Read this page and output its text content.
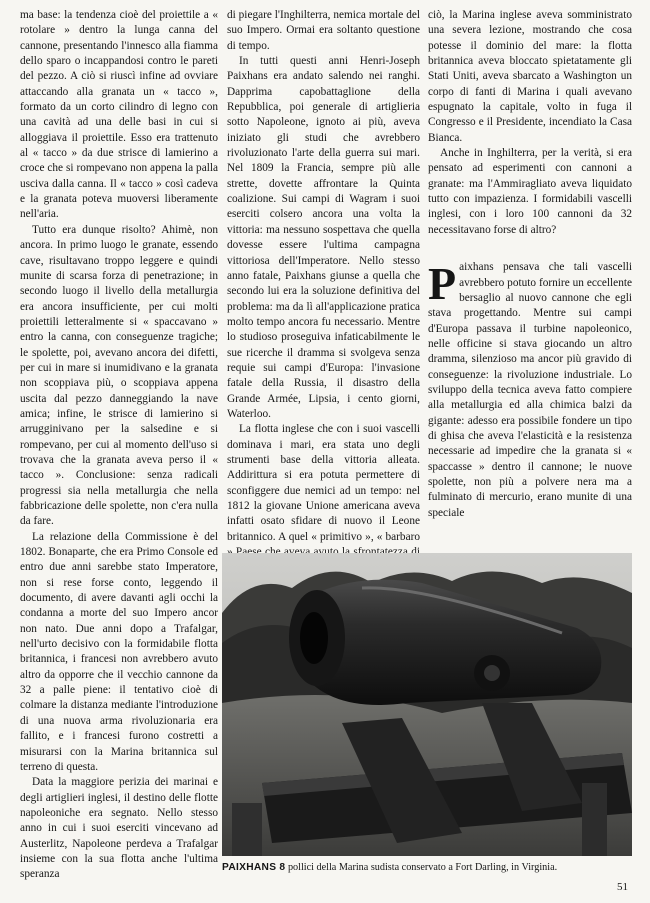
ma base: la tendenza cioè del proiettile a « rotolare » dentro la lunga canna del cannone, presentando l'innesco alla fiamma dello sparo o incappandosi contro le pareti del pezzo. A ciò si riuscì infine ad ovviare attaccando alla granata un « tacco », formato da un corto cilindro di legno con una cavità ad una delle basi in cui si alloggiava il proiettile. Esso era trattenuto al « tacco » da due strisce di lamierino a croce che si rompevano non appena la palla usciva dalla canna. Il « tacco » così cadeva e la granata poteva muoversi liberamente nell'aria.

Tutto era dunque risolto? Ahimè, non ancora. In primo luogo le granate, essendo cave, risultavano troppo leggere e quindi munite di scarsa forza di penetrazione; in secondo luogo il livello della metallurgia era ancora insufficiente, per cui molti proiettili letteralmente si « spaccavano » entro la canna, con conseguenze tragiche; le spolette, poi, avevano ancora dei difetti, per cui in mare si inumidivano e la granata non scoppiava più, o scoppiava appena uscita dal pezzo danneggiando la nave amica; infine, le strisce di lamierino si arrugginivano per la salsedine e si rompevano, per cui al momento dell'uso si trovava che la granata aveva perso il « tacco ». Conclusione: senza radicali progressi sia nella metallurgia che nella fabbricazione delle spolette, non c'era nulla da fare.

La relazione della Commissione è del 1802. Bonaparte, che era Primo Console ed entro due anni sarebbe stato Imperatore, non si rese forse conto, leggendo il documento, di avere davanti agli occhi la condanna a morte del suo Impero ancor non nato. Due anni dopo a Trafalgar, nell'urto decisivo con la formidabile flotta britannica, i francesi non avrebbero avuto altro da opporre che il vecchio cannone da 32 a palle piene: il tentativo cioè di colmare la distanza mediante l'introduzione di una nuova arma rivoluzionaria era fallito, e i francesi furono costretti a misurarsi con la Marina britannica sul terreno di questa.

Data la maggiore perizia dei marinai e degli artiglieri inglesi, il destino delle flotte napoleoniche era segnato. Nello stesso anno in cui i suoi eserciti vincevano ad Austerlitz, Napoleone perdeva a Trafalgar insieme con la sua flotta anche l'ultima speranza

di piegare l'Inghilterra, nemica mortale del suo Impero. Ormai era soltanto questione di tempo.

In tutti questi anni Henri-Joseph Paixhans era andato salendo nei ranghi. Dapprima capobattaglione della Repubblica, poi generale di artiglieria sotto Napoleone, ignoto ai più, aveva iniziato gli studi che avrebbero rivoluzionato l'arte della guerra sui mari. Nel 1809 la Francia, sempre più alle strette, dovette affrontare la Quinta coalizione. Sui campi di Wagram i suoi eserciti colsero ancora una volta la vittoria: ma nessuno sospettava che quella dovesse essere l'ultima campagna vittoriosa dell'Imperatore. Nello stesso anno fatale, Paixhans giunse a quella che secondo lui era la soluzione definitiva del problema: ma da lì all'applicazione pratica molto tempo ancora fu necessario. Mentre lo studioso proseguiva infaticabilmente le sue ricerche il dramma si svolgeva senza requie sui campi d'Europa: l'invasione fatale della Russia, il disastro della Grande Armée, Lipsia, i cento giorni, Waterloo.

La flotta inglese che con i suoi vascelli dominava i mari, era stata uno degli strumenti base della vittoria alleata. Addirittura si era potuta permettere di sconfiggere due nemici ad un tempo: nel 1812 la giovane Unione americana aveva infatti osato sfidare di nuovo il Leone britannico. A quel « primitivo », « barbaro

ciò, la Marina inglese aveva somministrato una severa lezione, mostrando che cosa potesse il dominio del mare: la flotta britannica aveva bloccato spietatamente gli Stati Uniti, aveva sbarcato a Washington un corpo di fanti di Marina i quali avevano espugnato la capitale, volto in fuga il Congresso e il Presidente, incendiato la Casa Bianca.

Anche in Inghilterra, per la verità, si era pensato ad esperimenti con cannoni a granate: ma l'Ammiragliato aveva liquidato tutto con impazienza. I formidabili vascelli inglesi, con i loro 100 cannoni da 32 necessitavano forse di altro?

Paixhans pensava che tali vascelli avrebbero potuto fornire un eccellente bersaglio al nuovo cannone che egli stava progettando. Mentre sui campi d'Europa passava il turbine napoleonico, nelle officine si stava giocando un altro dramma, silenzioso ma ancor più gravido di conseguenze: la rivoluzione industriale. Lo sviluppo della tecnica aveva fatto compiere alla metallurgia ed alla chimica balzi da gigante: adesso era possibile fondere un tipo di ghisa che aveva l'elasticità e la resistenza necessarie ad impedire che la granata si « spaccasse » dentro il cannone; le nuove spolette, non più a polvere nera ma a fulminato di mercurio, erano munite di una speciale

PAIXHANS 8 pollici della Marina sudista conservato a Fort Darling, in Virginia.
51
